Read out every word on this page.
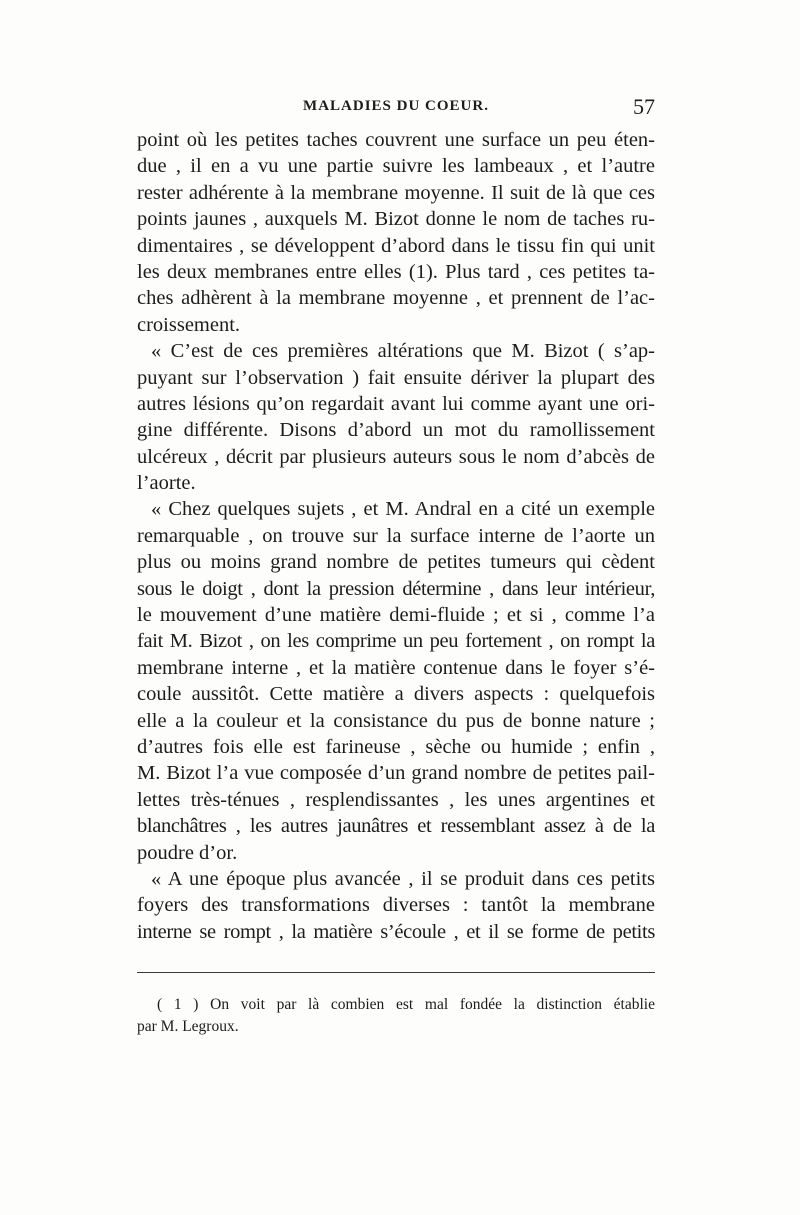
MALADIES DU COEUR.	57
point où les petites taches couvrent une surface un peu éten-
due , il en a vu une partie suivre les lambeaux , et l’autre
rester adhérente à la membrane moyenne. Il suit de là que ces
points jaunes , auxquels M. Bizot donne le nom de taches ru-
dimentaires , se développent d’abord dans le tissu fin qui unit
les deux membranes entre elles (1). Plus tard , ces petites ta-
ches adhèrent à la membrane moyenne , et prennent de l’ac-
croissement.
« C’est de ces premières altérations que M. Bizot ( s’ap-
puyant sur l’observation ) fait ensuite dériver la plupart des
autres lésions qu’on regardait avant lui comme ayant une ori-
gine différente. Disons d’abord un mot du ramollissement
ulcéreux , décrit par plusieurs auteurs sous le nom d’abcès de
l’aorte.
« Chez quelques sujets , et M. Andral en a cité un exemple
remarquable , on trouve sur la surface interne de l’aorte un
plus ou moins grand nombre de petites tumeurs qui cèdent
sous le doigt , dont la pression détermine , dans leur intérieur,
le mouvement d’une matière demi-fluide ; et si , comme l’a
fait M. Bizot , on les comprime un peu fortement , on rompt la
membrane interne , et la matière contenue dans le foyer s’é-
coule aussitôt. Cette matière a divers aspects : quelquefois
elle a la couleur et la consistance du pus de bonne nature ;
d’autres fois elle est farineuse , sèche ou humide ; enfin ,
M. Bizot l’a vue composée d’un grand nombre de petites pail-
lettes très-ténues , resplendissantes , les unes argentines et
blanchâtres , les autres jaunâtres et ressemblant assez à de la
poudre d’or.
« A une époque plus avancée , il se produit dans ces petits
foyers des transformations diverses : tantôt la membrane
interne se rompt , la matière s’écoule , et il se forme de petits
( 1 ) On voit par là combien est mal fondée la distinction établie
par M. Legroux.
